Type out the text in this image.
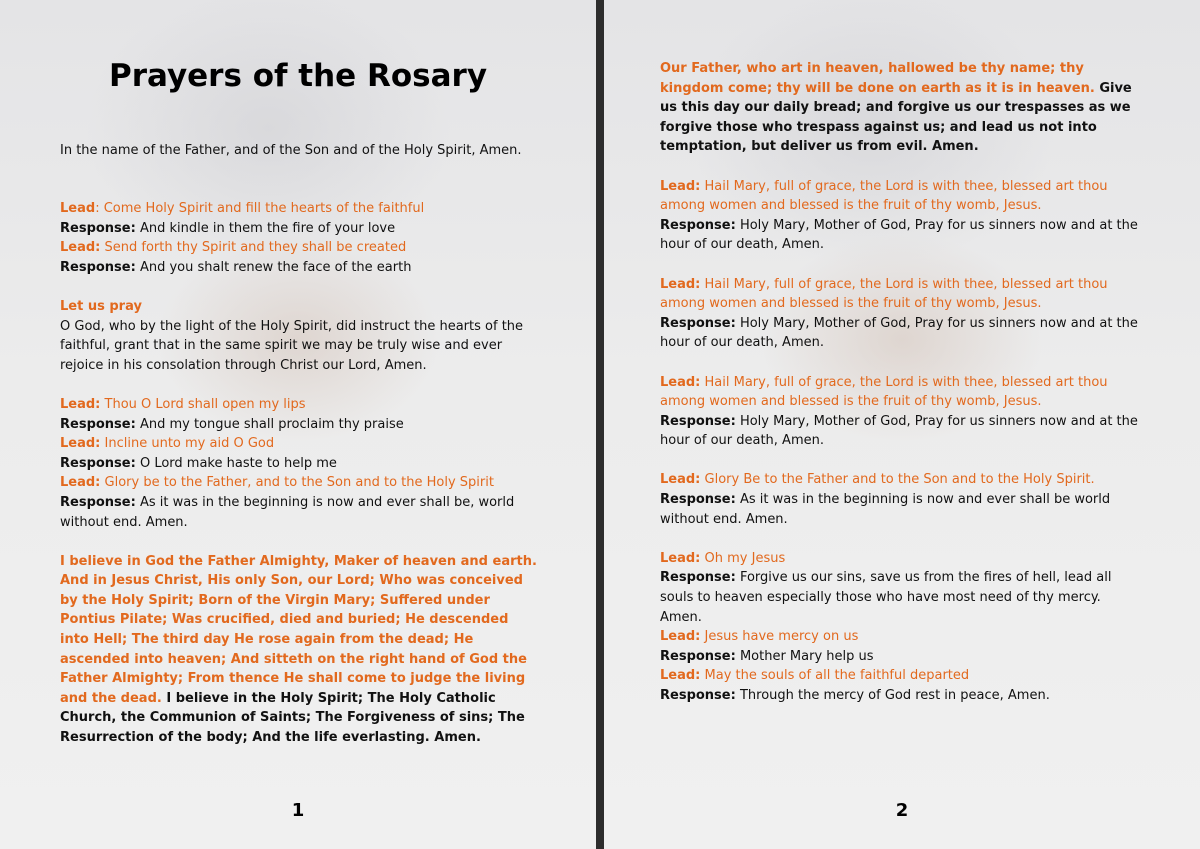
Prayers of the Rosary

In the name of the Father, and of the Son and of the Holy Spirit, Amen.

Lead: Come Holy Spirit and fill the hearts of the faithful

Response: And kindle in them the fire of your love

Lead: Send forth thy Spirit and they shall be created

Response: And you shalt renew the face of the earth

Let us pray

O God, who by the light of the Holy Spirit, did instruct the hearts of the faithful, grant that in the same spirit we may be truly wise and ever rejoice in his consolation through Christ our Lord, Amen.

Lead: Thou O Lord shall open my lips

Response: And my tongue shall proclaim thy praise

Lead: Incline unto my aid O God

Response: O Lord make haste to help me

Lead: Glory be to the Father, and to the Son and to the Holy Spirit

Response: As it was in the beginning is now and ever shall be, world without end. Amen.

I believe in God the Father Almighty, Maker of heaven and earth. And in Jesus Christ, His only Son, our Lord; Who was conceived by the Holy Spirit; Born of the Virgin Mary; Suffered under Pontius Pilate; Was crucified, died and buried; He descended into Hell; The third day He rose again from the dead; He ascended into heaven; And sitteth on the right hand of God the Father Almighty; From thence He shall come to judge the living and the dead. I believe in the Holy Spirit; The Holy Catholic Church, the Communion of Saints; The Forgiveness of sins; The Resurrection of the body; And the life everlasting. Amen.

1

Our Father, who art in heaven, hallowed be thy name; thy kingdom come; thy will be done on earth as it is in heaven. Give us this day our daily bread; and forgive us our trespasses as we forgive those who trespass against us; and lead us not into temptation, but deliver us from evil. Amen.

Lead: Hail Mary, full of grace, the Lord is with thee, blessed art thou among women and blessed is the fruit of thy womb, Jesus.

Response: Holy Mary, Mother of God, Pray for us sinners now and at the hour of our death, Amen.

Lead: Hail Mary, full of grace, the Lord is with thee, blessed art thou among women and blessed is the fruit of thy womb, Jesus.

Response: Holy Mary, Mother of God, Pray for us sinners now and at the hour of our death, Amen.

Lead: Hail Mary, full of grace, the Lord is with thee, blessed art thou among women and blessed is the fruit of thy womb, Jesus.

Response: Holy Mary, Mother of God, Pray for us sinners now and at the hour of our death, Amen.

Lead: Glory Be to the Father and to the Son and to the Holy Spirit.

Response: As it was in the beginning is now and ever shall be world without end. Amen.

Lead: Oh my Jesus

Response: Forgive us our sins, save us from the fires of hell, lead all souls to heaven especially those who have most need of thy mercy. Amen.

Lead: Jesus have mercy on us

Response: Mother Mary help us

Lead: May the souls of all the faithful departed

Response: Through the mercy of God rest in peace, Amen.

2
